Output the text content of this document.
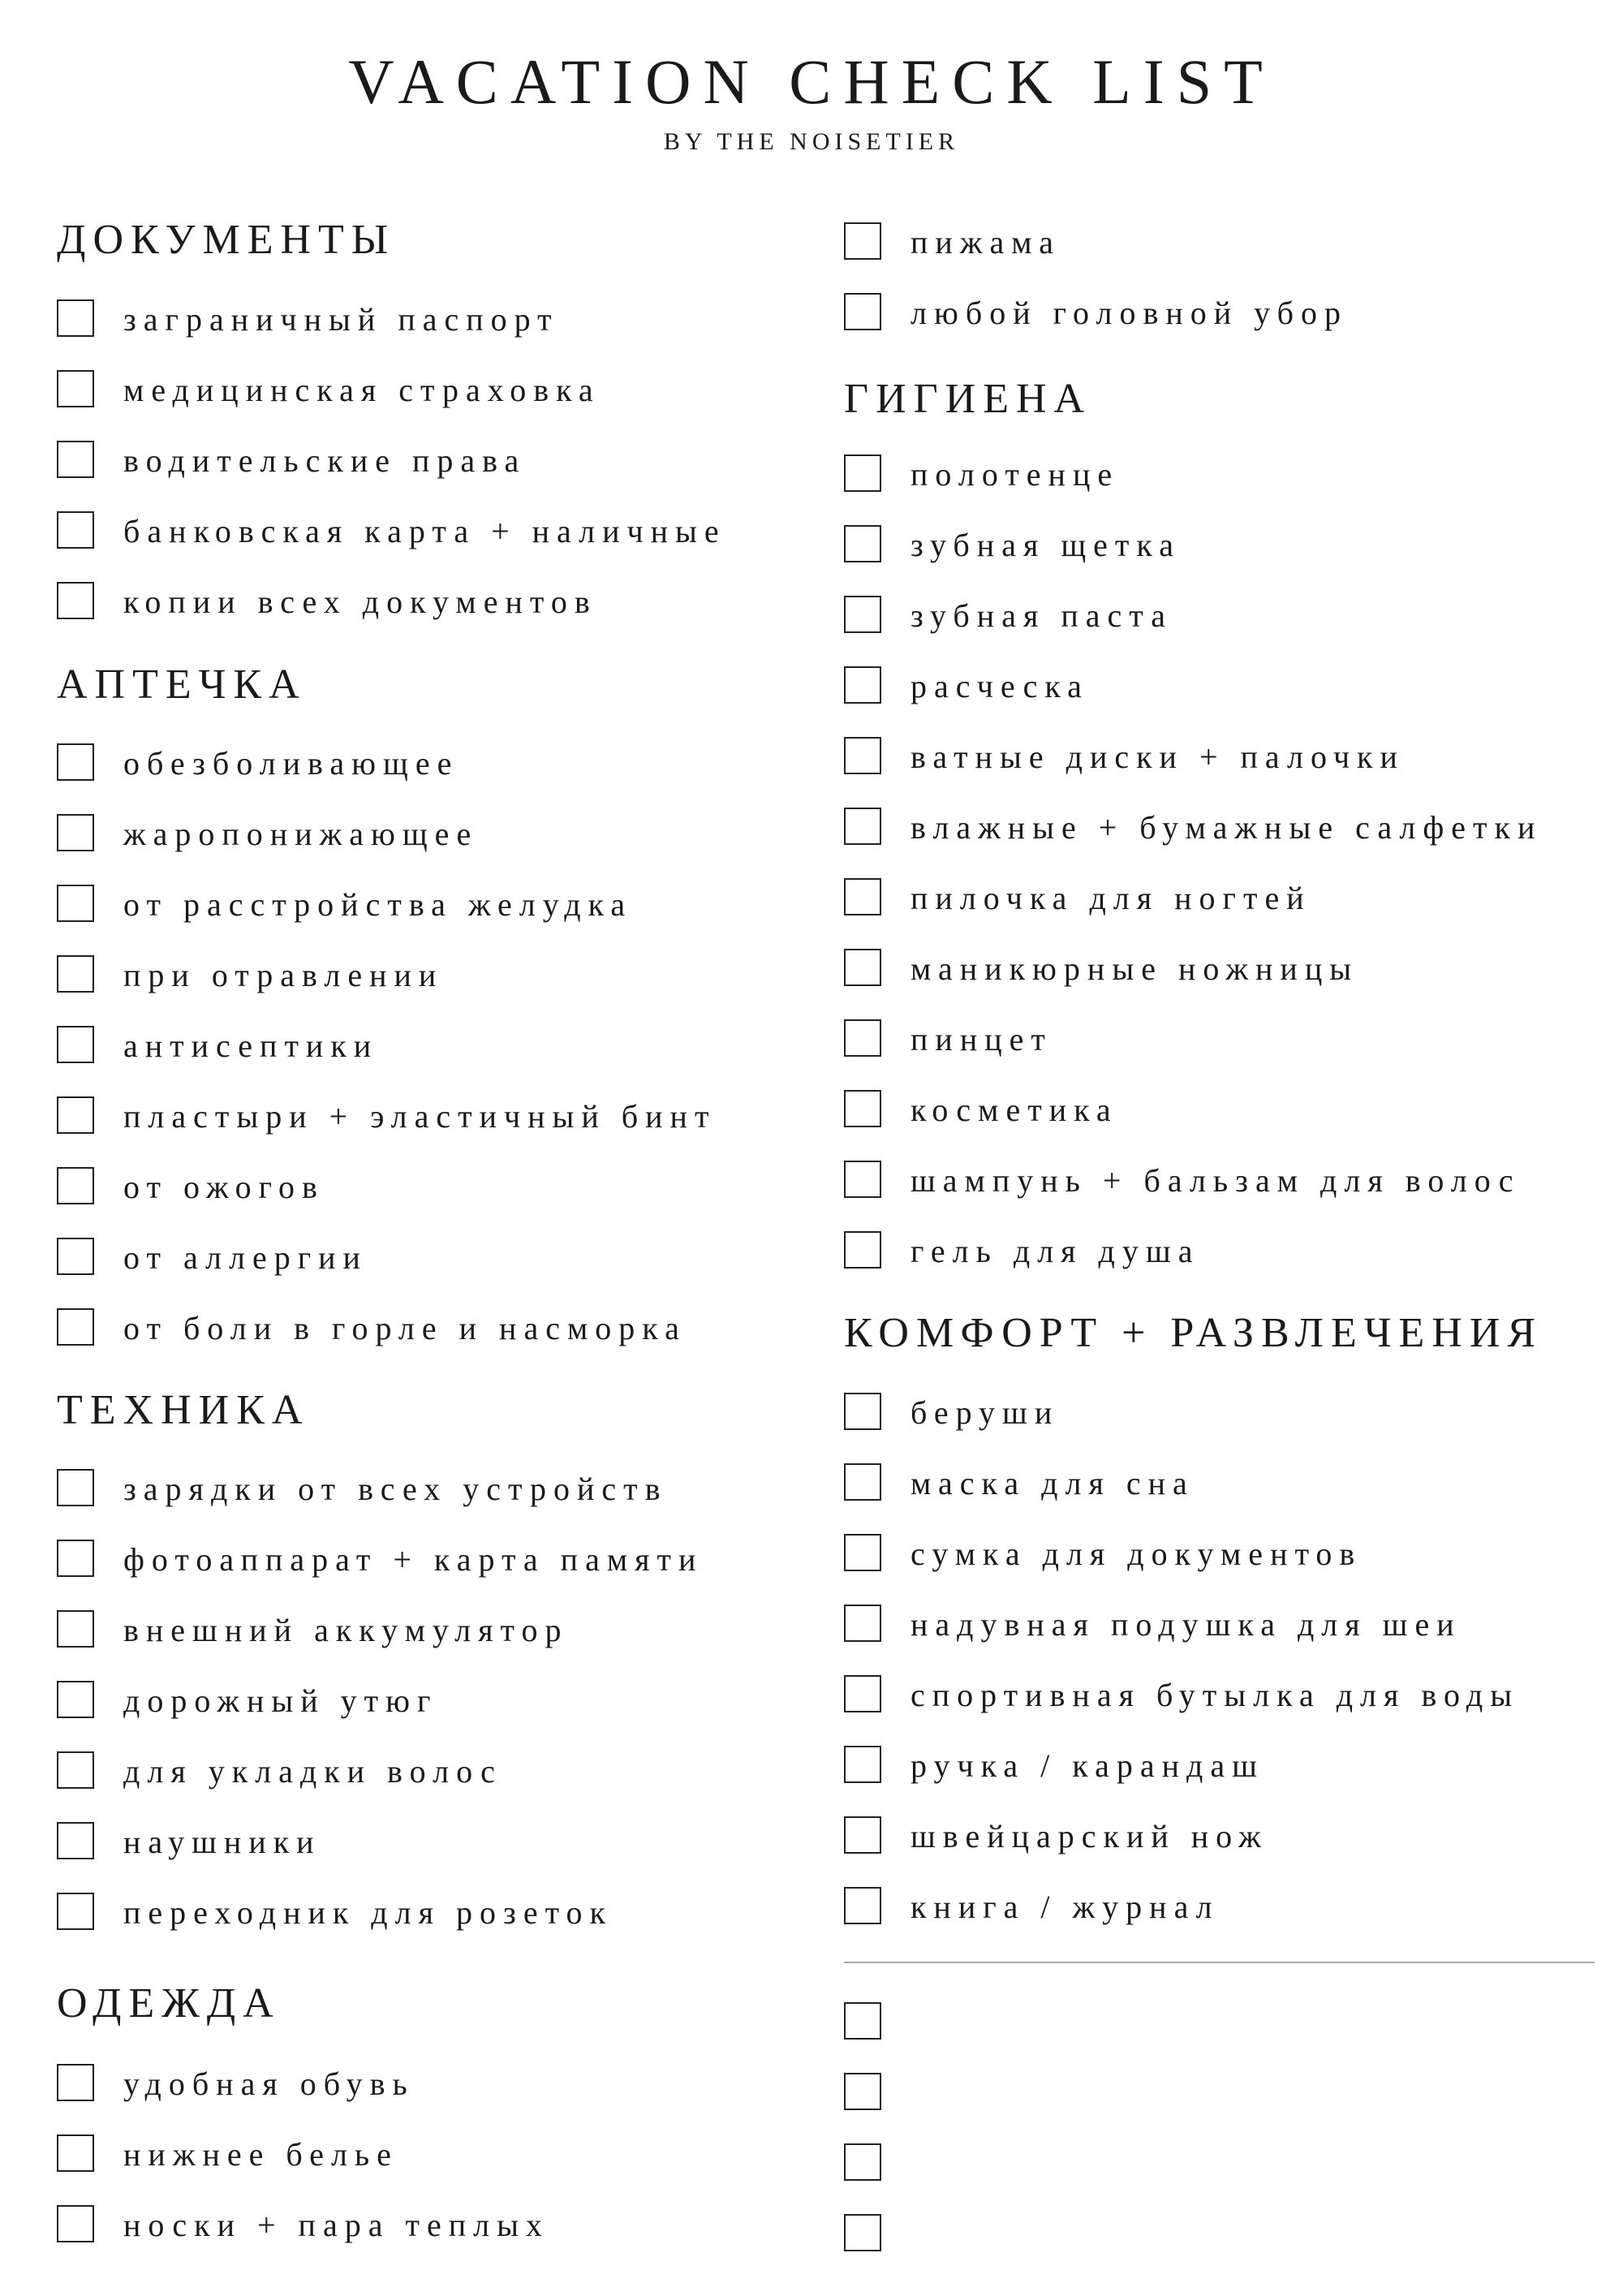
VACATION CHECK LIST
BY THE NOISETIER
ДОКУМЕНТЫ
заграничный паспорт
медицинская страховка
водительские права
банковская карта + наличные
копии всех документов
АПТЕЧКА
обезболивающее
жаропонижающее
от расстройства желудка
при отравлении
антисептики
пластыри + эластичный бинт
от ожогов
от аллергии
от боли в горле и насморка
ТЕХНИКА
зарядки от всех устройств
фотоаппарат + карта памяти
внешний аккумулятор
дорожный утюг
для укладки волос
наушники
переходник для розеток
ОДЕЖДА
удобная обувь
нижнее белье
носки + пара теплых
пижама
любой головной убор
ГИГИЕНА
полотенце
зубная щетка
зубная паста
расческа
ватные диски + палочки
влажные + бумажные салфетки
пилочка для ногтей
маникюрные ножницы
пинцет
косметика
шампунь + бальзам для волос
гель для душа
КОМФОРТ + РАЗВЛЕЧЕНИЯ
беруши
маска для сна
сумка для документов
надувная подушка для шеи
спортивная бутылка для воды
ручка / карандаш
швейцарский нож
книга / журнал
